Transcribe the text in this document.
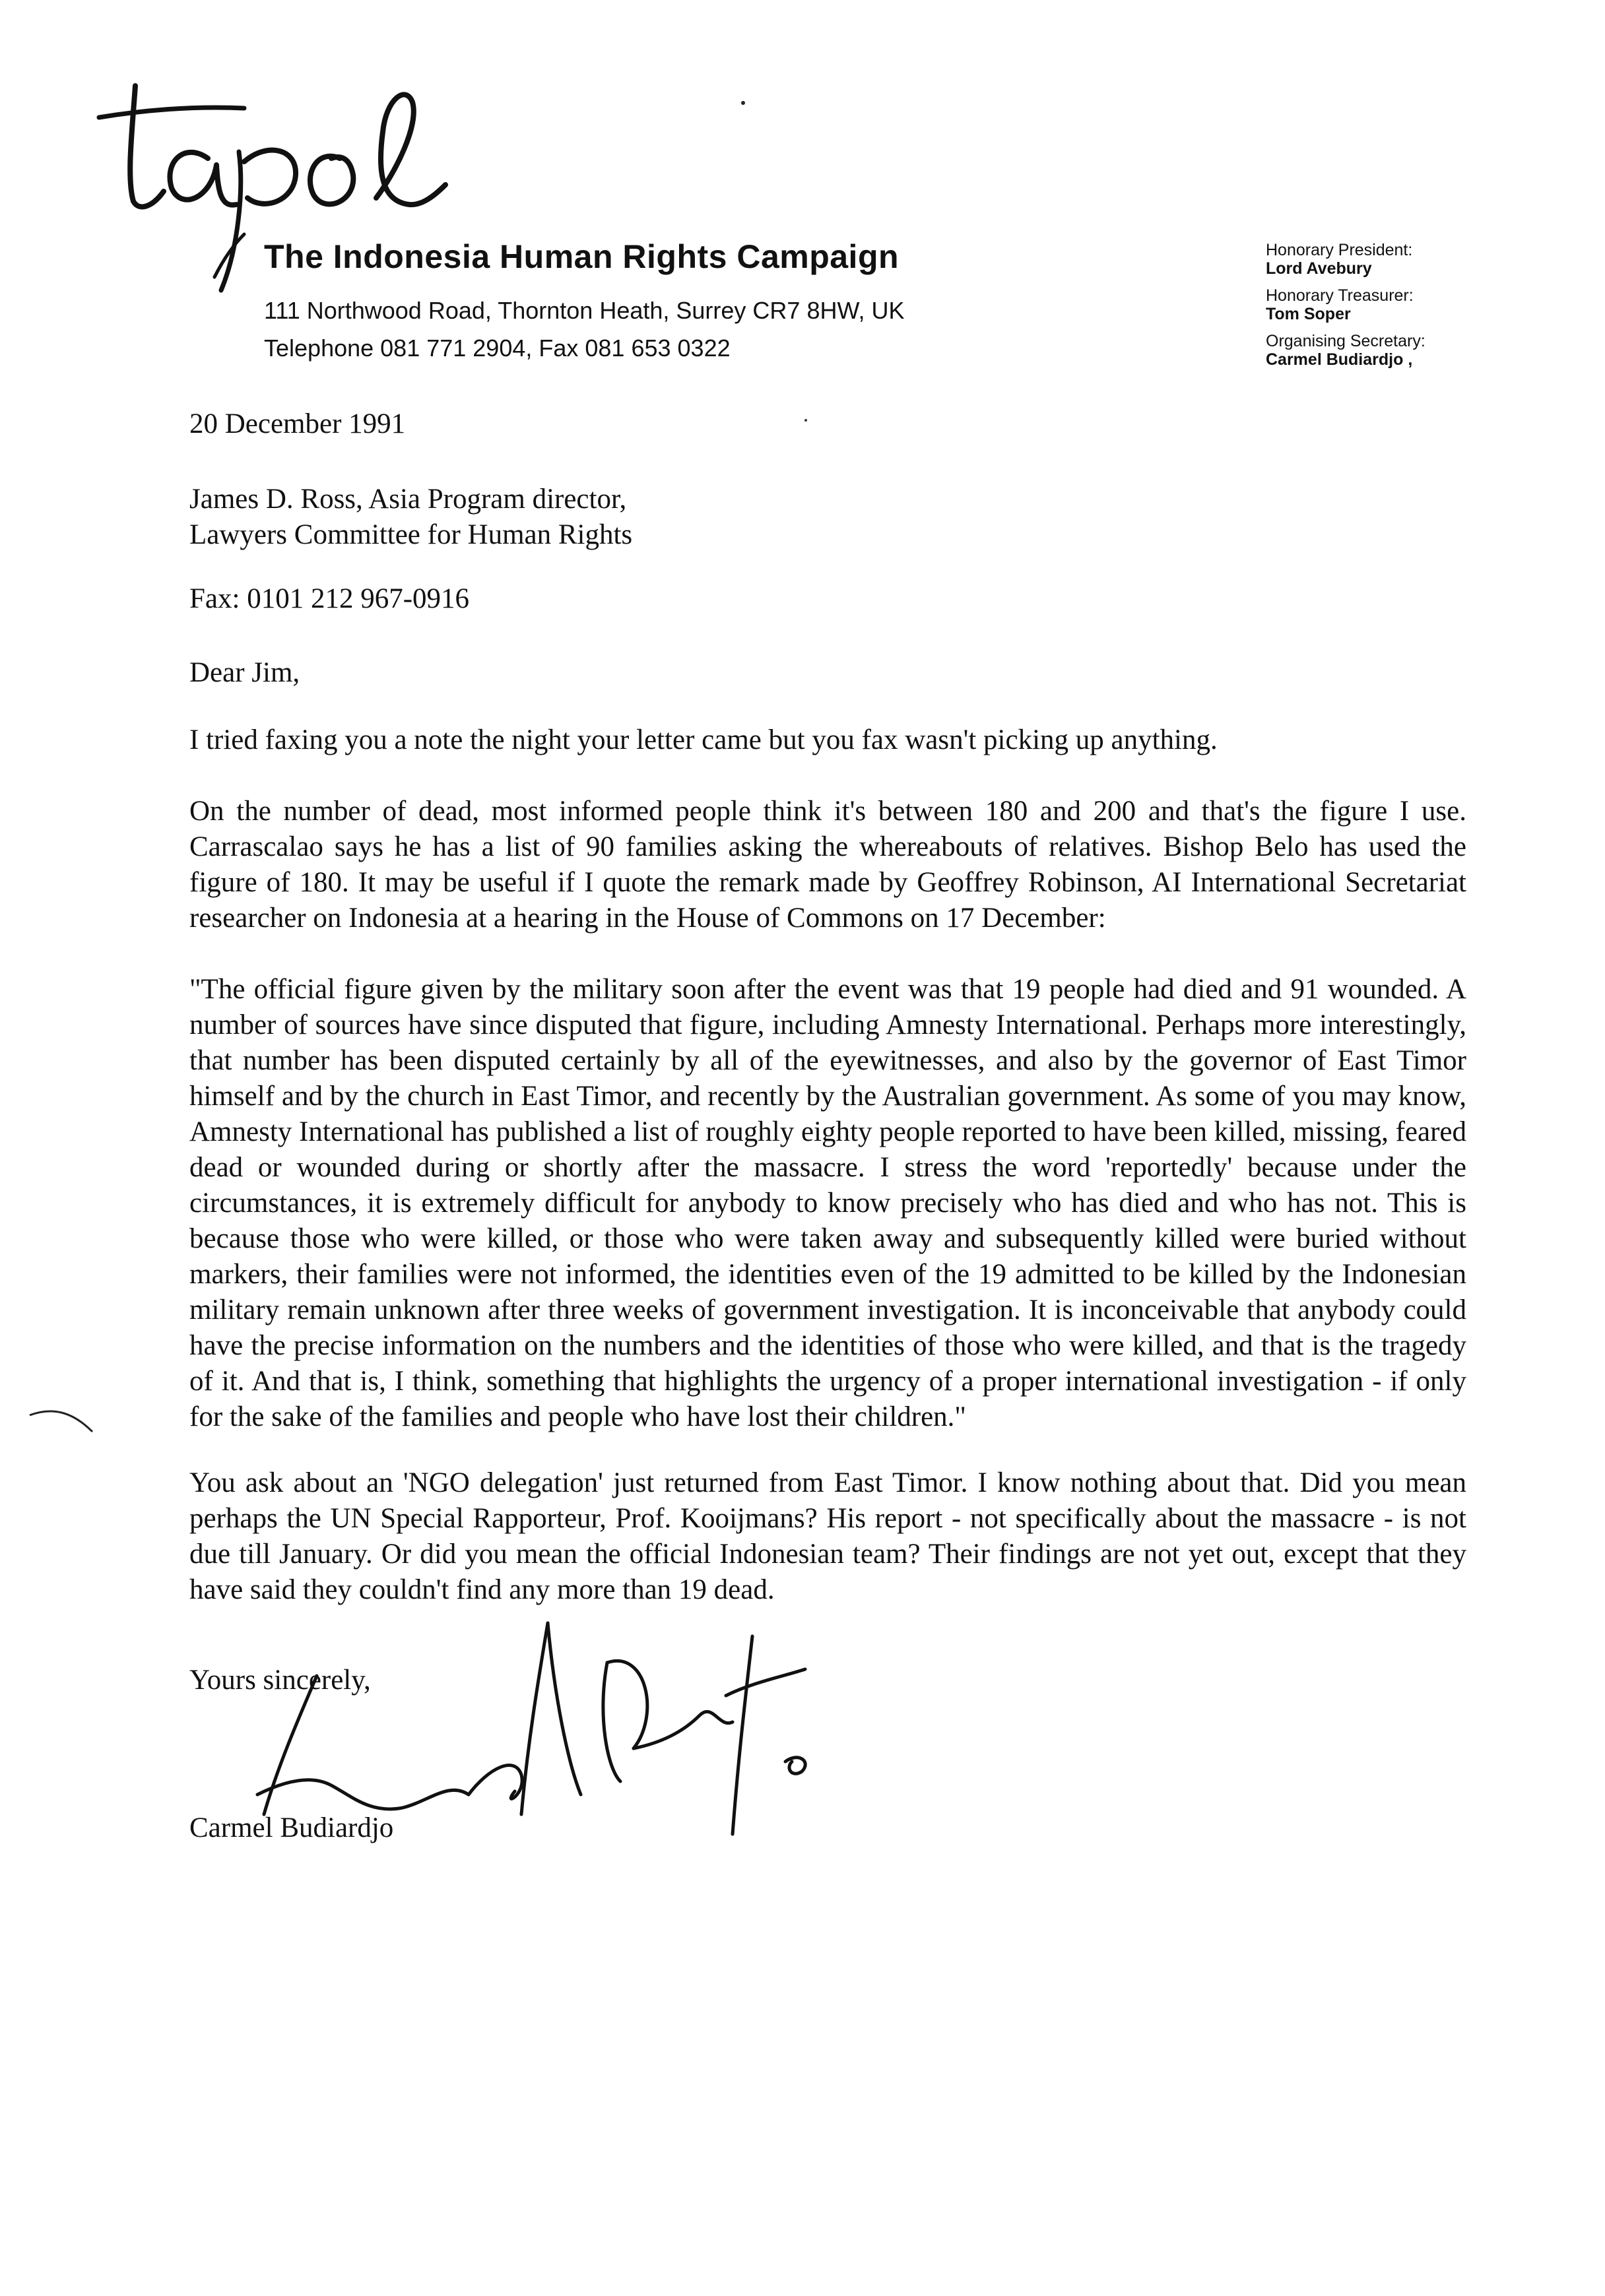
The Indonesia Human Rights Campaign
111 Northwood Road, Thornton Heath, Surrey CR7 8HW, UK
Telephone 081 771 2904, Fax 081 653 0322
Honorary President:
Lord Avebury
Honorary Treasurer:
Tom Soper
Organising Secretary:
Carmel Budiardjo ,
20 December 1991
James D. Ross, Asia Program director,
Lawyers Committee for Human Rights
Fax: 0101 212 967-0916
Dear Jim,

I tried faxing you a note the night your letter came but you fax wasn't picking up anything.

On the number of dead, most informed people think it's between 180 and 200 and that's the figure I use. Carrascalao says he has a list of 90 families asking the whereabouts of relatives. Bishop Belo has used the figure of 180. It may be useful if I quote the remark made by Geoffrey Robinson, AI International Secretariat researcher on Indonesia at a hearing in the House of Commons on 17 December:

"The official figure given by the military soon after the event was that 19 people had died and 91 wounded. A number of sources have since disputed that figure, including Amnesty International. Perhaps more interestingly, that number has been disputed certainly by all of the eyewitnesses, and also by the governor of East Timor himself and by the church in East Timor, and recently by the Australian government. As some of you may know, Amnesty International has published a list of roughly eighty people reported to have been killed, missing, feared dead or wounded during or shortly after the massacre. I stress the word 'reportedly' because under the circumstances, it is extremely difficult for anybody to know precisely who has died and who has not. This is because those who were killed, or those who were taken away and subsequently killed were buried without markers, their families were not informed, the identities even of the 19 admitted to be killed by the Indonesian military remain unknown after three weeks of government investigation. It is inconceivable that anybody could have the precise information on the numbers and the identities of those who were killed, and that is the tragedy of it. And that is, I think, something that highlights the urgency of a proper international investigation - if only for the sake of the families and people who have lost their children."

You ask about an 'NGO delegation' just returned from East Timor. I know nothing about that. Did you mean perhaps the UN Special Rapporteur, Prof. Kooijmans? His report - not specifically about the massacre - is not due till January. Or did you mean the official Indonesian team? Their findings are not yet out, except that they have said they couldn't find any more than 19 dead.

Yours sincerely,
Carmel Budiardjo
